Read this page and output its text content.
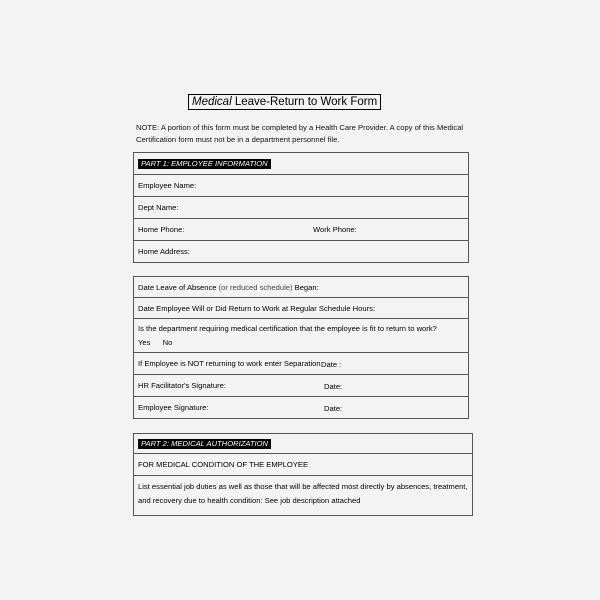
Medical Leave-Return to Work Form
NOTE: A portion of this form must be completed by a Health Care Provider. A copy of this Medical Certification form must not be in a department personnel file.
PART 1: EMPLOYEE INFORMATION
Employee Name:
Dept Name:
Home Phone:	Work Phone:

Home Address:
Date Leave of Absence (or reduced schedule) Began:
Date Employee Will or Did Return to Work at Regular Schedule Hours:

Is the department requiring medical certification that the employee is fit to return to work?
Yes No

If Employee is NOT returning to work enter Separation Date :

HR Facilitator's Signature:	Date:

Employee Signature:	Date:
PART 2: MEDICAL AUTHORIZATION
FOR MEDICAL CONDITION OF THE EMPLOYEE

List essential job duties as well as those that will be affected most directly by absences, treatment,
and recovery due to health condition: See job description attached
